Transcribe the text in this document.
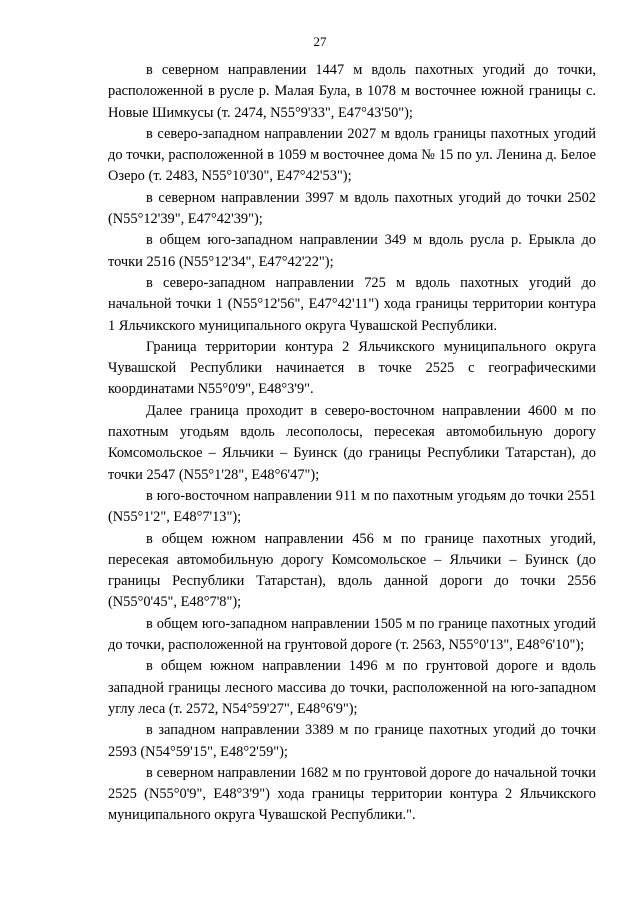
27

в северном направлении 1447 м вдоль пахотных угодий до точки, расположенной в русле р. Малая Була, в 1078 м восточнее южной границы с. Новые Шимкусы (т. 2474, N55°9'33", E47°43'50");

в северо-западном направлении 2027 м вдоль границы пахотных угодий до точки, расположенной в 1059 м восточнее дома № 15 по ул. Ленина д. Белое Озеро (т. 2483, N55°10'30", E47°42'53");

в северном направлении 3997 м вдоль пахотных угодий до точки 2502 (N55°12'39", E47°42'39");

в общем юго-западном направлении 349 м вдоль русла р. Ерыкла до точки 2516 (N55°12'34", E47°42'22");

в северо-западном направлении 725 м вдоль пахотных угодий до начальной точки 1 (N55°12'56", E47°42'11") хода границы территории контура 1 Яльчикского муниципального округа Чувашской Республики.

Граница территории контура 2 Яльчикского муниципального округа Чувашской Республики начинается в точке 2525 с географическими координатами N55°0'9", E48°3'9".

Далее граница проходит в северо-восточном направлении 4600 м по пахотным угодьям вдоль лесополосы, пересекая автомобильную дорогу Комсомольское – Яльчики – Буинск (до границы Республики Татарстан), до точки 2547 (N55°1'28", E48°6'47");

в юго-восточном направлении 911 м по пахотным угодьям до точки 2551 (N55°1'2", E48°7'13");

в общем южном направлении 456 м по границе пахотных угодий, пересекая автомобильную дорогу Комсомольское – Яльчики – Буинск (до границы Республики Татарстан), вдоль данной дороги до точки 2556 (N55°0'45", E48°7'8");

в общем юго-западном направлении 1505 м по границе пахотных угодий до точки, расположенной на грунтовой дороге (т. 2563, N55°0'13", E48°6'10");

в общем южном направлении 1496 м по грунтовой дороге и вдоль западной границы лесного массива до точки, расположенной на юго-западном углу леса (т. 2572, N54°59'27", E48°6'9");

в западном направлении 3389 м по границе пахотных угодий до точки 2593 (N54°59'15", E48°2'59");

в северном направлении 1682 м по грунтовой дороге до начальной точки 2525 (N55°0'9", E48°3'9") хода границы территории контура 2 Яльчикского муниципального округа Чувашской Республики.".
